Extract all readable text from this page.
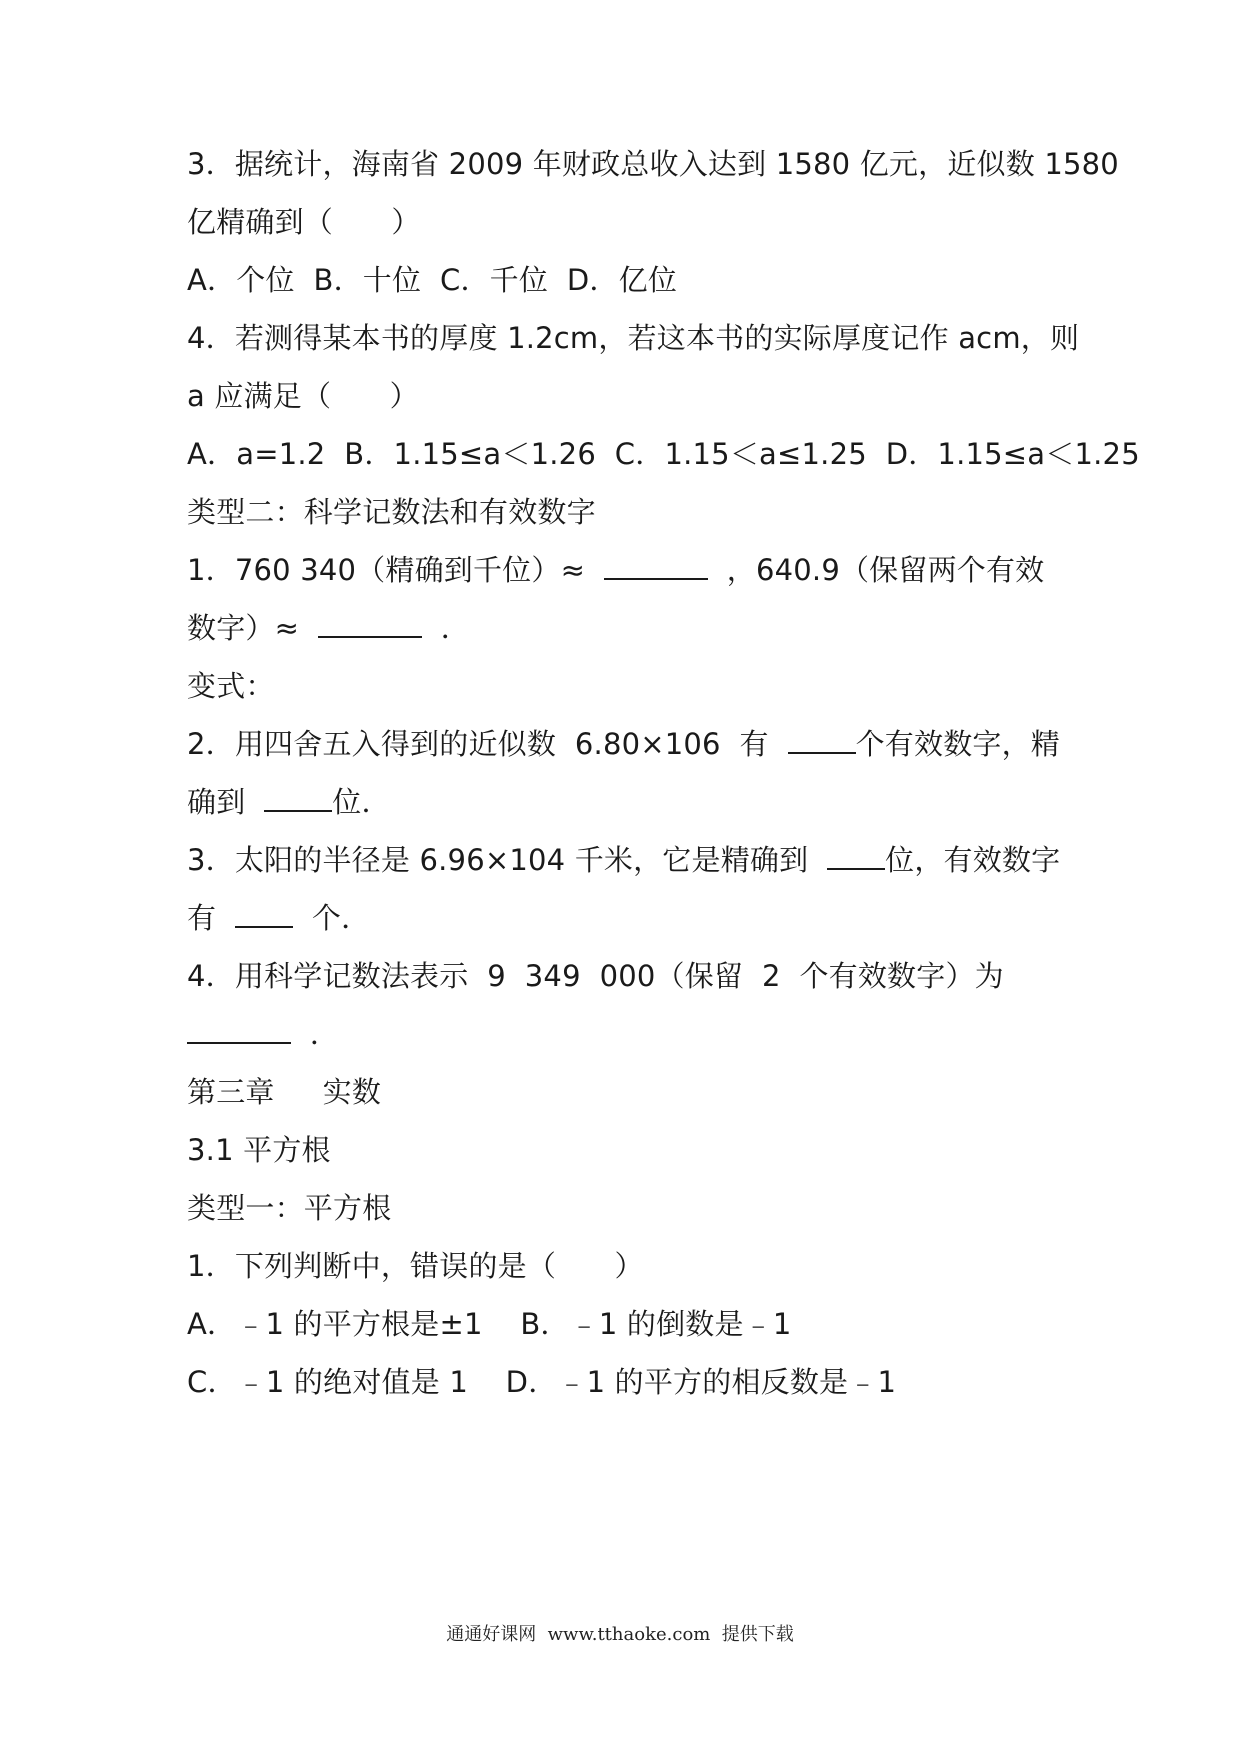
3．据统计，海南省 2009 年财政总收入达到 1580 亿元，近似数 1580
亿精确到（　　）
A．个位  B．十位  C．千位  D．亿位
4．若测得某本书的厚度 1.2cm，若这本书的实际厚度记作 acm，则
a 应满足（　　）
A．a=1.2  B．1.15≤a＜1.26  C．1.15＜a≤1.25  D．1.15≤a＜1.25
类型二：科学记数法和有效数字
1．760 340（精确到千位）≈	，640.9（保留两个有效
数字）≈	．
变式：
2．用四舍五入得到的近似数  6.80×106  有  个有效数字，精
确到  位．
3．太阳的半径是 6.96×104 千米，它是精确到  位，有效数字
有    个．
4．用科学记数法表示  9  349  000（保留  2  个有效数字）为
．
第三章　  实数
3.1 平方根
类型一：平方根
1．下列判断中，错误的是（　　）
A．﹣1 的平方根是±1    B．﹣1 的倒数是﹣1
C．﹣1 的绝对值是 1    D．﹣1 的平方的相反数是﹣1
通通好课网  www.tthaoke.com  提供下载
